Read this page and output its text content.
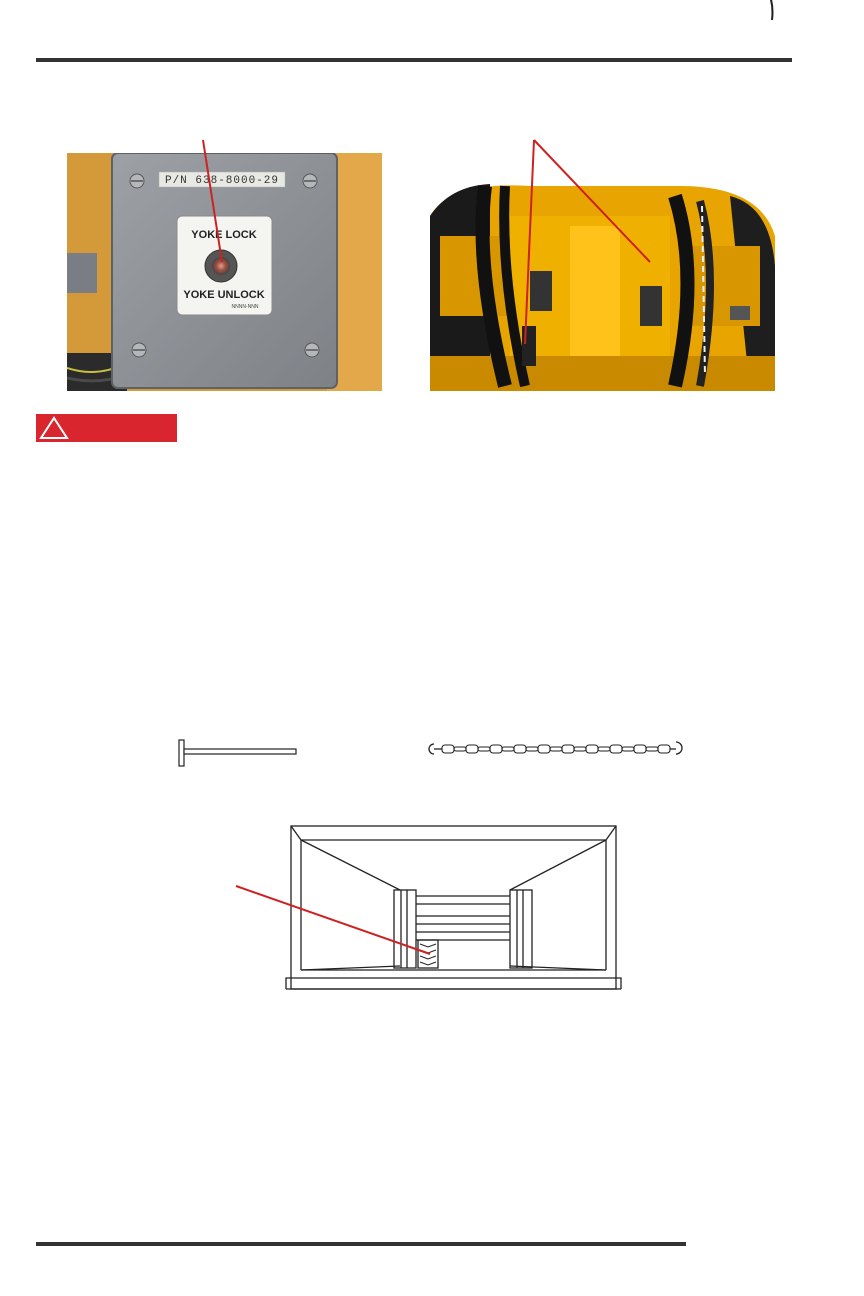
P/N 638-8000-29
YOKE LOCK
YOKE UNLOCK
NNNN-NNN
